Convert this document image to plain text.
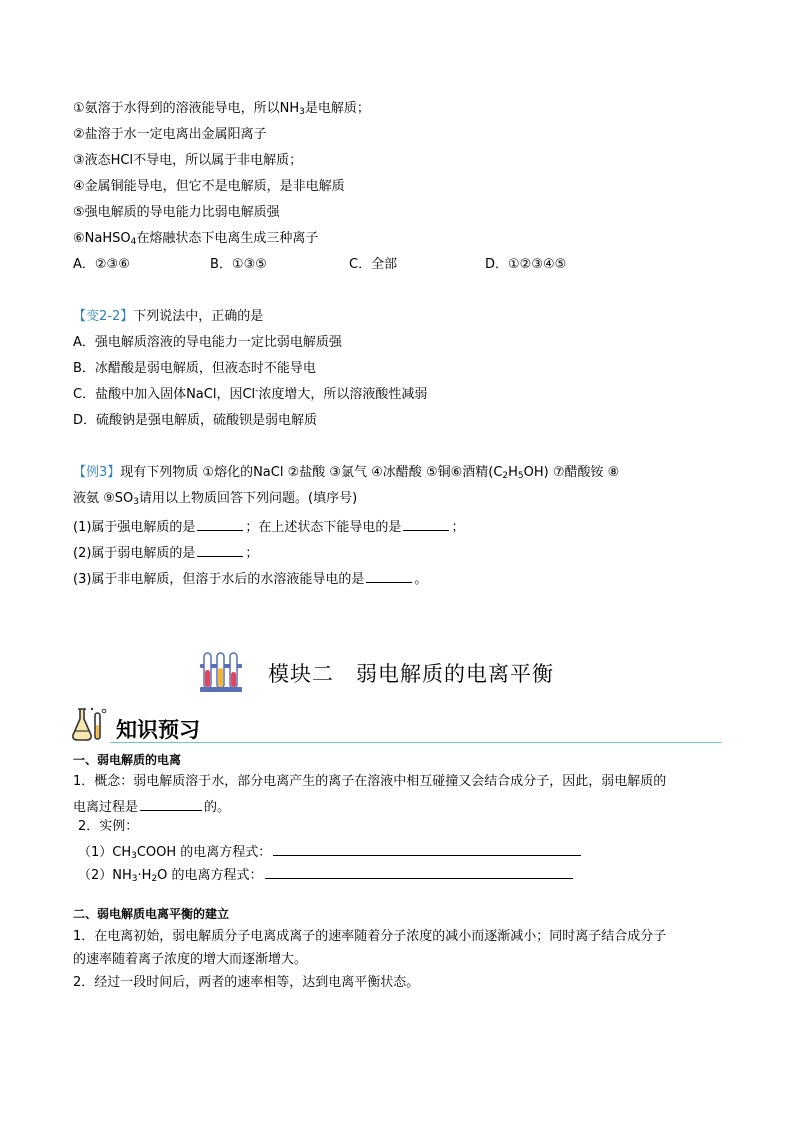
①氨溶于水得到的溶液能导电，所以$NH_3$是电解质；
②盐溶于水一定电离出金属阳离子
③液态HCl不导电，所以属于非电解质；
④金属铜能导电，但它不是电解质，是非电解质
⑤强电解质的导电能力比弱电解质强
⑥NaHSO$_4$在熔融状态下电离生成三种离子
A．②③⑥	B．①③⑤	C．全部	D．①②③④⑤
【变2-2】下列说法中，正确的是
A．强电解质溶液的导电能力一定比弱电解质强
B．冰醋酸是弱电解质，但液态时不能导电
C．盐酸中加入固体NaCl，因Cl-浓度增大，所以溶液酸性减弱
D．硫酸钠是强电解质，硫酸钡是弱电解质
【例3】现有下列物质 ①熔化的NaCl ②盐酸 ③氯气 ④冰醋酸 ⑤铜⑥酒精$(C_2H_5OH)$ ⑦醋酸铵 ⑧
液氨 $⑨SO_3$请用以上物质回答下列问题。(填序号)
(1)属于强电解质的是	；在上述状态下能导电的是	；
(2)属于弱电解质的是	；
(3)属于非电解质，但溶于水后的水溶液能导电的是	。
模块二　弱电解质的电离平衡
知识预习
一、弱电解质的电离
1．概念：弱电解质溶于水，部分电离产生的离子在溶液中相互碰撞又会结合成分子，因此，弱电解质的
电离过程是	的。
2．实例：
$(1)CH_3COOH$ 的电离方程式：
$(2)NH_3\cdot H_2O$ 的电离方程式：
二、弱电解质电离平衡的建立
1．在电离初始，弱电解质分子电离成离子的速率随着分子浓度的减小而逐渐减小；同时离子结合成分子
的速率随着离子浓度的增大而逐渐增大。
2．经过一段时间后，两者的速率相等，达到电离平衡状态。
